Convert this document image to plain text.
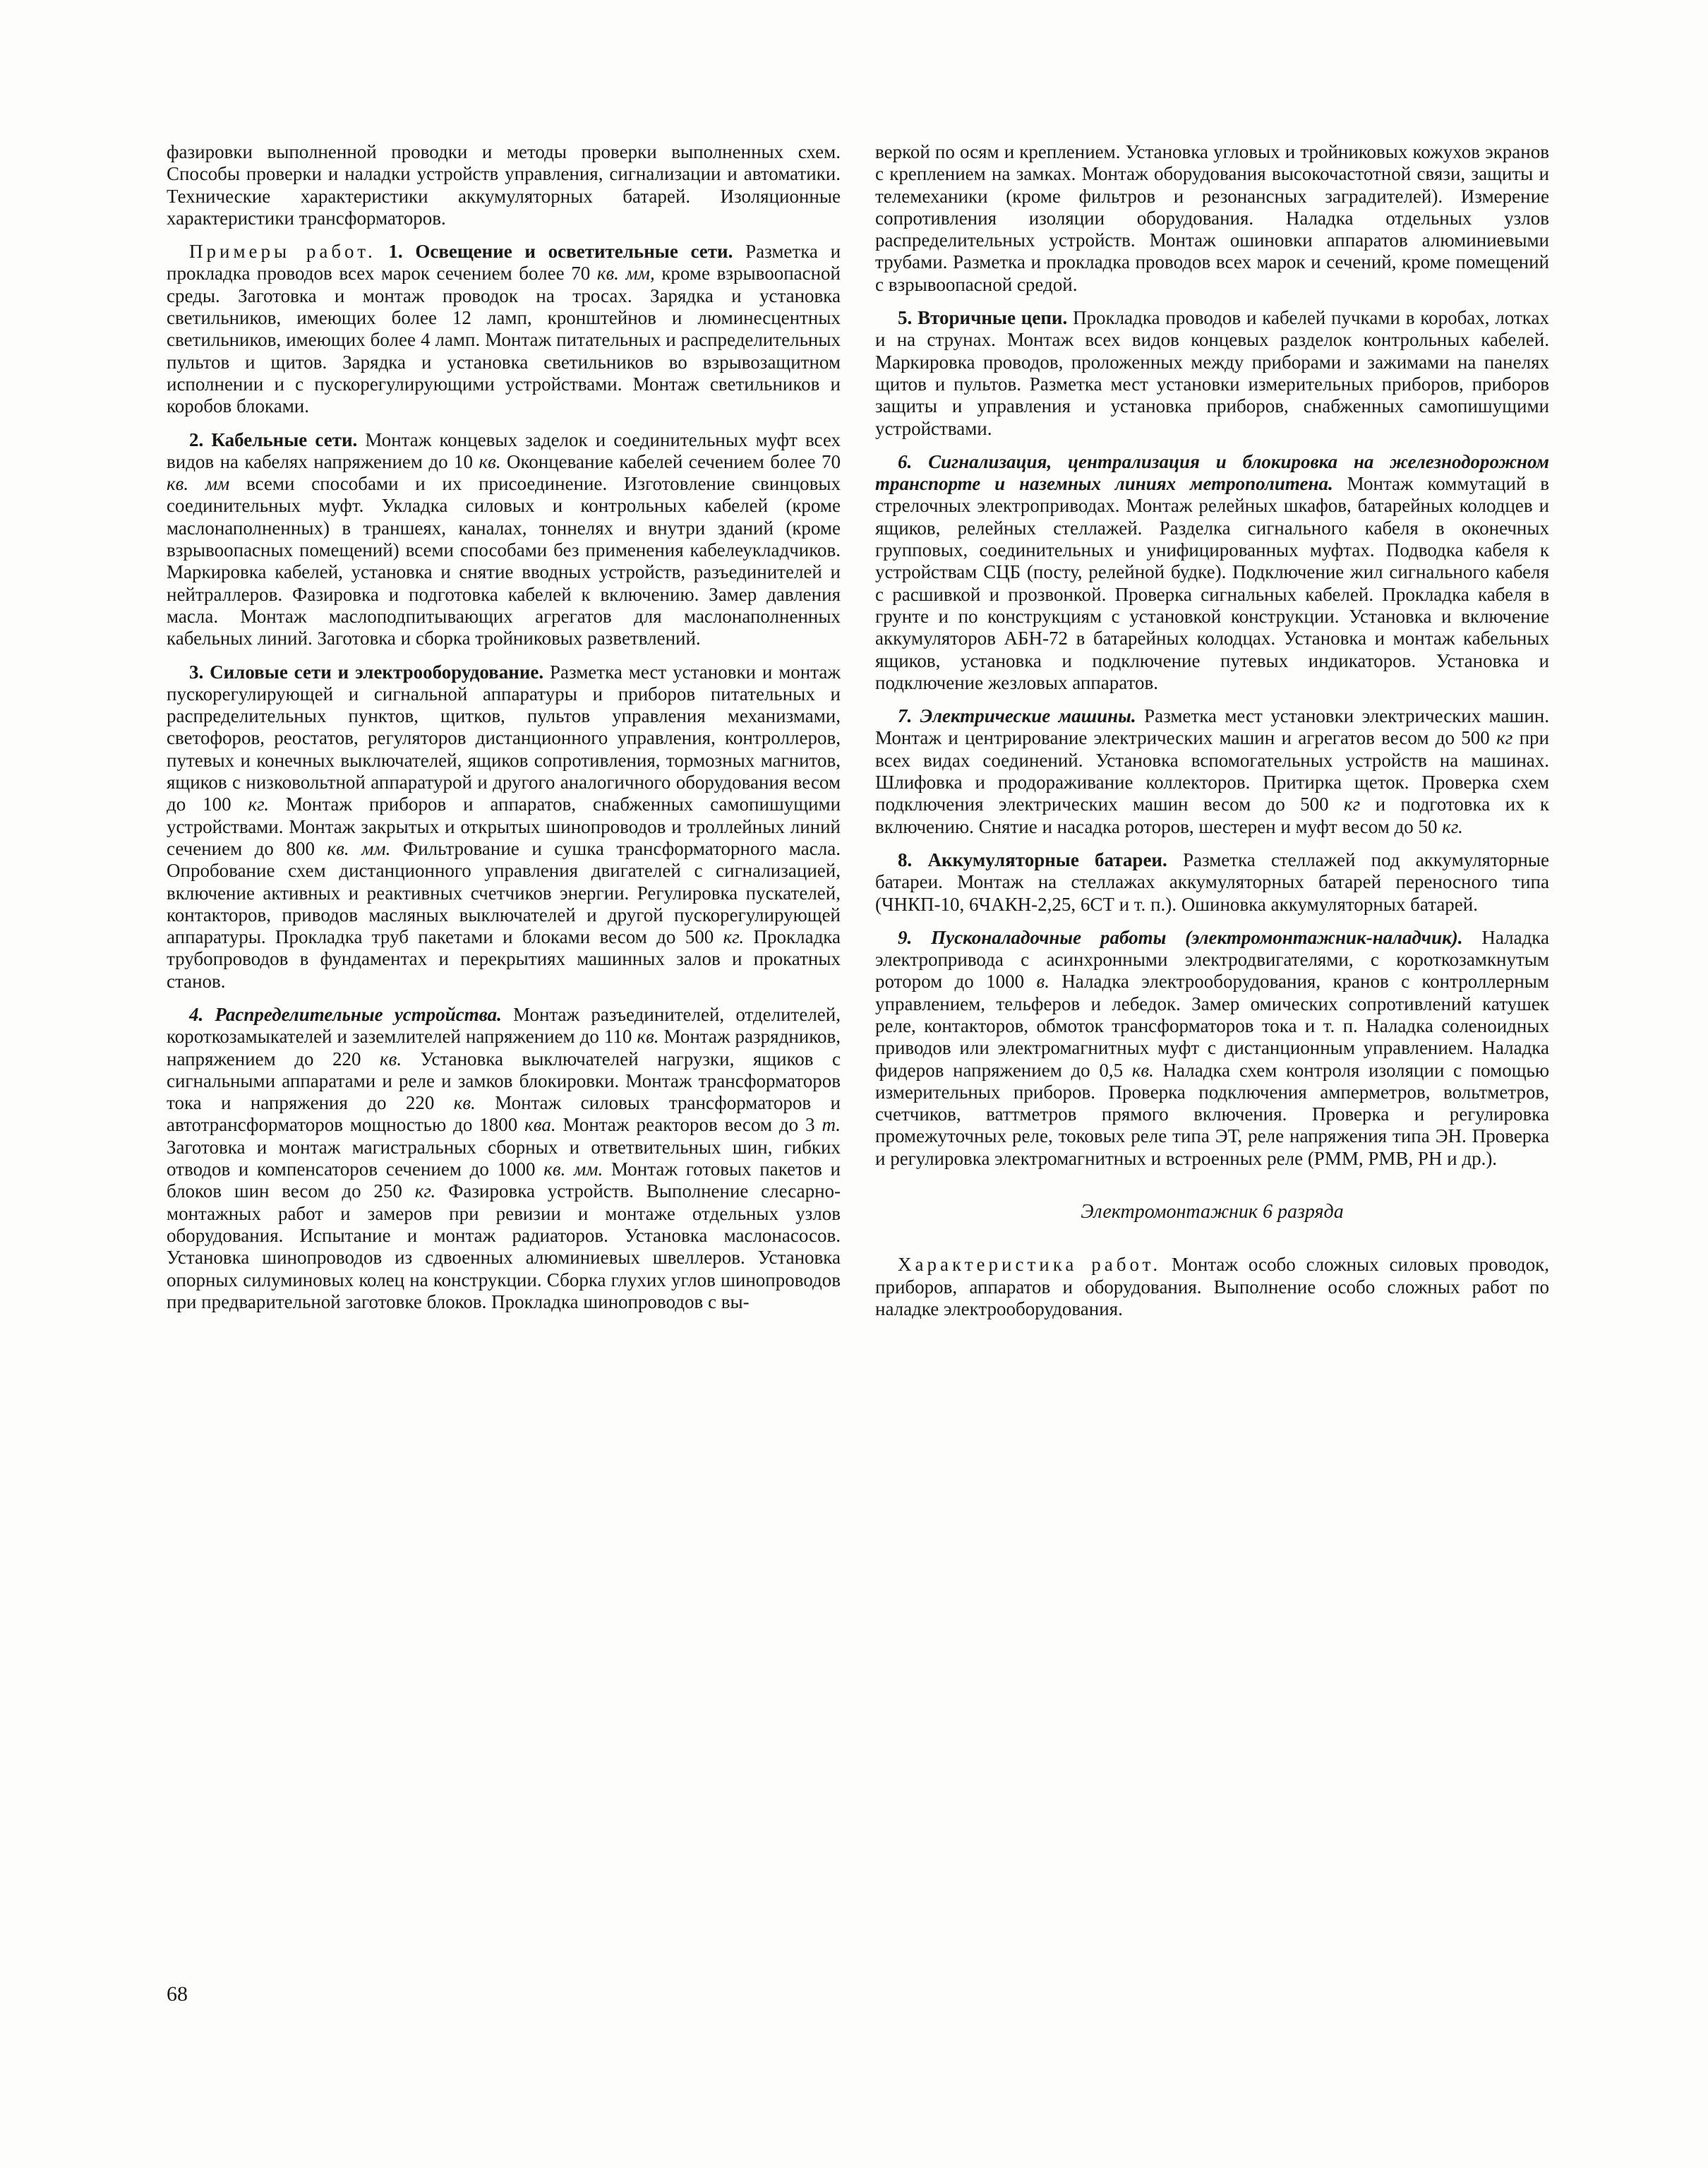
фазировки выполненной проводки и методы проверки выполненных схем. Способы проверки и наладки устройств управления, сигнализации и автоматики. Технические характеристики аккумуляторных батарей. Изоляционные характеристики трансформаторов.

Примеры работ. 1. Освещение и осветительные сети. Разметка и прокладка проводов всех марок сечением более 70 кв. мм, кроме взрывоопасной среды. Заготовка и монтаж проводок на тросах. Зарядка и установка светильников, имеющих более 12 ламп, кронштейнов и люминесцентных светильников, имеющих более 4 ламп. Монтаж питательных и распределительных пультов и щитов. Зарядка и установка светильников во взрывозащитном исполнении и с пускорегулирующими устройствами. Монтаж светильников и коробов блоками.

2. Кабельные сети. Монтаж концевых заделок и соединительных муфт всех видов на кабелях напряжением до 10 кв. Оконцевание кабелей сечением более 70 кв. мм всеми способами и их присоединение. Изготовление свинцовых соединительных муфт. Укладка силовых и контрольных кабелей (кроме маслонаполненных) в траншеях, каналах, тоннелях и внутри зданий (кроме взрывоопасных помещений) всеми способами без применения кабелеукладчиков. Маркировка кабелей, установка и снятие вводных устройств, разъединителей и нейтраллеров. Фазировка и подготовка кабелей к включению. Замер давления масла. Монтаж маслоподпитывающих агрегатов для маслонаполненных кабельных линий. Заготовка и сборка тройниковых разветвлений.

3. Силовые сети и электрооборудование. Разметка мест установки и монтаж пускорегулирующей и сигнальной аппаратуры и приборов питательных и распределительных пунктов, щитков, пультов управления механизмами, светофоров, реостатов, регуляторов дистанционного управления, контроллеров, путевых и конечных выключателей, ящиков сопротивления, тормозных магнитов, ящиков с низковольтной аппаратурой и другого аналогичного оборудования весом до 100 кг. Монтаж приборов и аппаратов, снабженных самопишущими устройствами. Монтаж закрытых и открытых шинопроводов и троллейных линий сечением до 800 кв. мм. Фильтрование и сушка трансформаторного масла. Опробование схем дистанционного управления двигателей с сигнализацией, включение активных и реактивных счетчиков энергии. Регулировка пускателей, контакторов, приводов масляных выключателей и другой пускорегулирующей аппаратуры. Прокладка труб пакетами и блоками весом до 500 кг. Прокладка трубопроводов в фундаментах и перекрытиях машинных залов и прокатных станов.

4. Распределительные устройства. Монтаж разъединителей, отделителей, короткозамыкателей и заземлителей напряжением до 110 кв. Монтаж разрядников, напряжением до 220 кв. Установка выключателей нагрузки, ящиков с сигнальными аппаратами и реле и замков блокировки. Монтаж трансформаторов тока и напряжения до 220 кв. Монтаж силовых трансформаторов и автотрансформаторов мощностью до 1800 ква. Монтаж реакторов весом до 3 т. Заготовка и монтаж магистральных сборных и ответвительных шин, гибких отводов и компенсаторов сечением до 1000 кв. мм. Монтаж готовых пакетов и блоков шин весом до 250 кг. Фазировка устройств. Выполнение слесарно-монтажных работ и замеров при ревизии и монтаже отдельных узлов оборудования. Испытание и монтаж радиаторов. Установка маслонасосов. Установка шинопроводов из сдвоенных алюминиевых швеллеров. Установка опорных силуминовых колец на конструкции. Сборка глухих углов шинопроводов при предварительной заготовке блоков. Прокладка шинопроводов с вы-

веркой по осям и креплением. Установка угловых и тройниковых кожухов экранов с креплением на замках. Монтаж оборудования высокочастотной связи, защиты и телемеханики (кроме фильтров и резонансных заградителей). Измерение сопротивления изоляции оборудования. Наладка отдельных узлов распределительных устройств. Монтаж ошиновки аппаратов алюминиевыми трубами. Разметка и прокладка проводов всех марок и сечений, кроме помещений с взрывоопасной средой.

5. Вторичные цепи. Прокладка проводов и кабелей пучками в коробах, лотках и на струнах. Монтаж всех видов концевых разделок контрольных кабелей. Маркировка проводов, проложенных между приборами и зажимами на панелях щитов и пультов. Разметка мест установки измерительных приборов, приборов защиты и управления и установка приборов, снабженных самопишущими устройствами.

6. Сигнализация, централизация и блокировка на железнодорожном транспорте и наземных линиях метрополитена. Монтаж коммутаций в стрелочных электроприводах. Монтаж релейных шкафов, батарейных колодцев и ящиков, релейных стеллажей. Разделка сигнального кабеля в оконечных групповых, соединительных и унифицированных муфтах. Подводка кабеля к устройствам СЦБ (посту, релейной будке). Подключение жил сигнального кабеля с расшивкой и прозвонкой. Проверка сигнальных кабелей. Прокладка кабеля в грунте и по конструкциям с установкой конструкции. Установка и включение аккумуляторов АБН-72 в батарейных колодцах. Установка и монтаж кабельных ящиков, установка и подключение путевых индикаторов. Установка и подключение жезловых аппаратов.

7. Электрические машины. Разметка мест установки электрических машин. Монтаж и центрирование электрических машин и агрегатов весом до 500 кг при всех видах соединений. Установка вспомогательных устройств на машинах. Шлифовка и продораживание коллекторов. Притирка щеток. Проверка схем подключения электрических машин весом до 500 кг и подготовка их к включению. Снятие и насадка роторов, шестерен и муфт весом до 50 кг.

8. Аккумуляторные батареи. Разметка стеллажей под аккумуляторные батареи. Монтаж на стеллажах аккумуляторных батарей переносного типа (ЧНКП-10, 6ЧАКН-2,25, 6СТ и т. п.). Ошиновка аккумуляторных батарей.

9. Пусконаладочные работы (электромонтажник-наладчик). Наладка электропривода с асинхронными электродвигателями, с короткозамкнутым ротором до 1000 в. Наладка электрооборудования, кранов с контроллерным управлением, тельферов и лебедок. Замер омических сопротивлений катушек реле, контакторов, обмоток трансформаторов тока и т. п. Наладка соленоидных приводов или электромагнитных муфт с дистанционным управлением. Наладка фидеров напряжением до 0,5 кв. Наладка схем контроля изоляции с помощью измерительных приборов. Проверка подключения амперметров, вольтметров, счетчиков, ваттметров прямого включения. Проверка и регулировка промежуточных реле, токовых реле типа ЭТ, реле напряжения типа ЭН. Проверка и регулировка электромагнитных и встроенных реле (РММ, РМВ, РН и др.).

Электромонтажник 6 разряда

Характеристика работ. Монтаж особо сложных силовых проводок, приборов, аппаратов и оборудования. Выполнение особо сложных работ по наладке электрооборудования.

68
